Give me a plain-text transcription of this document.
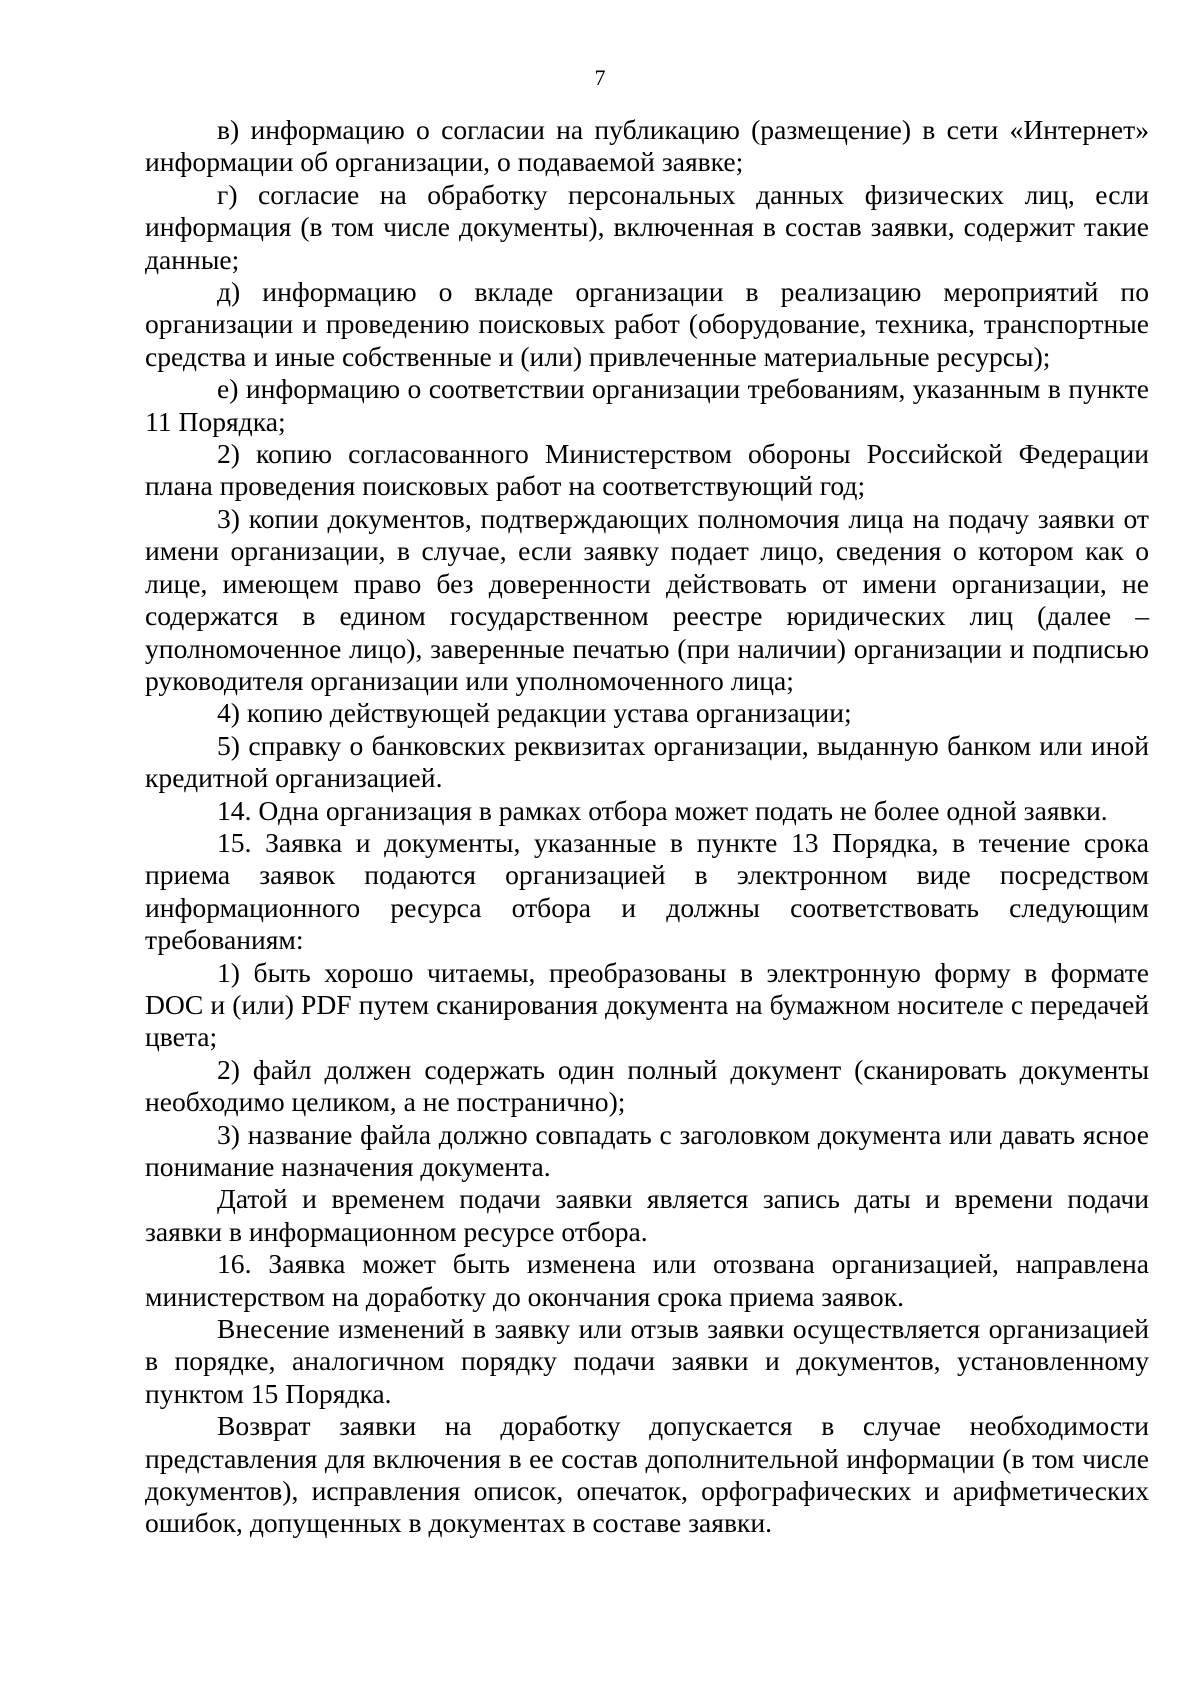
7

в) информацию о согласии на публикацию (размещение) в сети «Интернет» информации об организации, о подаваемой заявке;

г) согласие на обработку персональных данных физических лиц, если информация (в том числе документы), включенная в состав заявки, содержит такие данные;

д) информацию о вкладе организации в реализацию мероприятий по организации и проведению поисковых работ (оборудование, техника, транспортные средства и иные собственные и (или) привлеченные материальные ресурсы);

е) информацию о соответствии организации требованиям, указанным в пункте 11 Порядка;

2) копию согласованного Министерством обороны Российской Федерации плана проведения поисковых работ на соответствующий год;

3) копии документов, подтверждающих полномочия лица на подачу заявки от имени организации, в случае, если заявку подает лицо, сведения о котором как о лице, имеющем право без доверенности действовать от имени организации, не содержатся в едином государственном реестре юридических лиц (далее – уполномоченное лицо), заверенные печатью (при наличии) организации и подписью руководителя организации или уполномоченного лица;

4) копию действующей редакции устава организации;

5) справку о банковских реквизитах организации, выданную банком или иной кредитной организацией.

14. Одна организация в рамках отбора может подать не более одной заявки.

15. Заявка и документы, указанные в пункте 13 Порядка, в течение срока приема заявок подаются организацией в электронном виде посредством информационного ресурса отбора и должны соответствовать следующим требованиям:

1) быть хорошо читаемы, преобразованы в электронную форму в формате DOC и (или) PDF путем сканирования документа на бумажном носителе с передачей цвета;

2) файл должен содержать один полный документ (сканировать документы необходимо целиком, а не постранично);

3) название файла должно совпадать с заголовком документа или давать ясное понимание назначения документа.

Датой и временем подачи заявки является запись даты и времени подачи заявки в информационном ресурсе отбора.

16. Заявка может быть изменена или отозвана организацией, направлена министерством на доработку до окончания срока приема заявок.

Внесение изменений в заявку или отзыв заявки осуществляется организацией в порядке, аналогичном порядку подачи заявки и документов, установленному пунктом 15 Порядка.

Возврат заявки на доработку допускается в случае необходимости представления для включения в ее состав дополнительной информации (в том числе документов), исправления описок, опечаток, орфографических и арифметических ошибок, допущенных в документах в составе заявки.
